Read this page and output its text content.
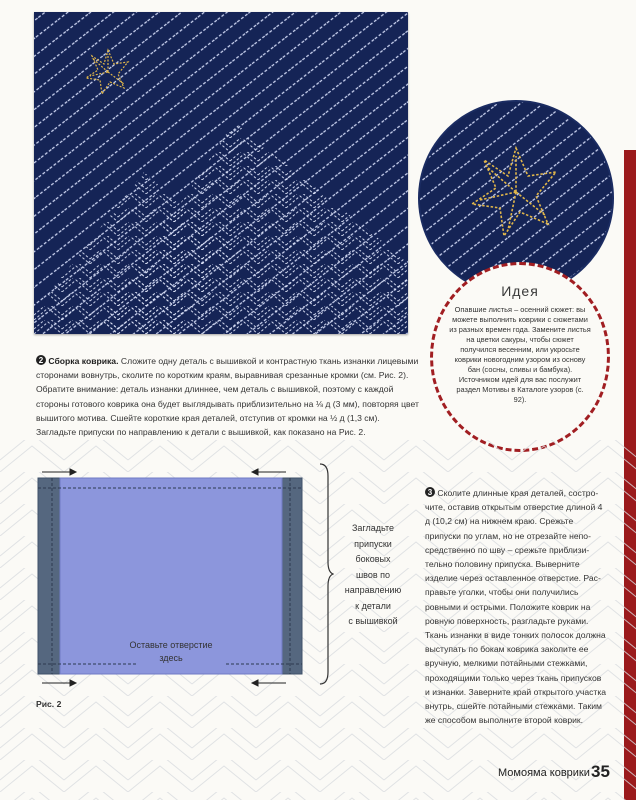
Идея
Опавшие листья – осенний сюжет: вы можете выполнить коврики с сюжетами из разных времен года. Замените листья на цветки сакуры, чтобы сюжет получился весенним, или укросьте коврики новогодним узором из основу бан (сосны, сливы и бамбука). Источником идей для вас послужит раздел Мотивы в Каталоге узоров (с. 92).
2 Сборка коврика. Сложите одну деталь с вышивкой и контрастную ткань изнанки лицевыми сторонами вовнутрь, сколите по коротким краям, выравнивая срезанные кромки (см. Рис. 2). Обратите внимание: деталь изнанки длиннее, чем деталь с вышивкой, поэтому с каждой стороны готового коврика она будет выглядывать приблизительно на ⅛ д (3 мм), повторяя цвет вышитого мотива. Сшейте короткие края деталей, отступив от кромки на ½ д (1,3 см). Загладьте припуски по направлению к детали с вышивкой, как показано на Рис. 2.
Оставьте отверстие
здесь
Загладьте
припуски
боковых
швов по
направлению
к детали
с вышивкой
Рис. 2
3 Сколите длинные края деталей, сострочите, оставив открытым отверстие длиной 4 д (10,2 см) на нижнем краю. Срежьте припуски по углам, но не отрезайте непосредственно по шву – срежьте приблизительно половину припуска. Выверните изделие через оставленное отверстие. Расправьте уголки, чтобы они получились ровными и острыми. Положите коврик на ровную поверхность, разгладьте руками. Ткань изнанки в виде тонких полосок должна выступать по бокам коврика заколите ее вручную, мелкими потайными стежками, проходящими только через ткань припусков и изнанки. Заверните край открытого участка внутрь, сшейте потайными стежками. Таким же способом выполните второй коврик.
Момояма коврики 35
